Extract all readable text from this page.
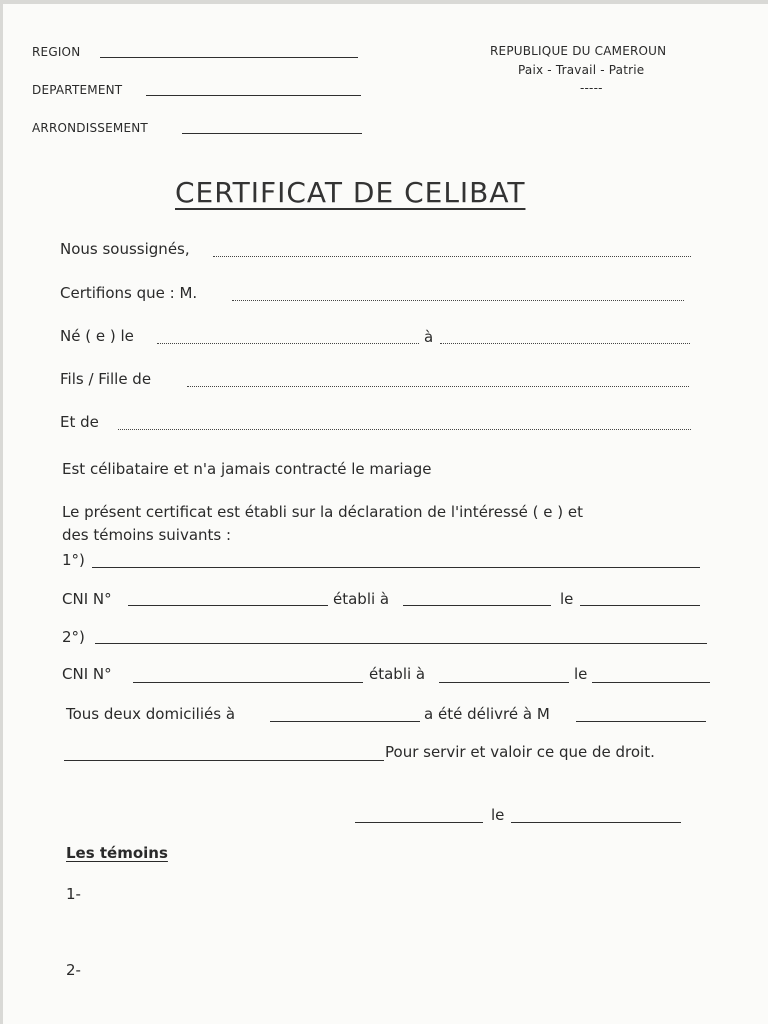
REGION
DEPARTEMENT
ARRONDISSEMENT
REPUBLIQUE DU CAMEROUN
Paix - Travail - Patrie
-----
CERTIFICAT DE CELIBAT
Nous soussignés,
Certifions que : M.
Né ( e ) le	à
Fils / Fille de
Et de
Est célibataire et n'a jamais contracté le mariage
Le présent certificat est établi sur la déclaration de l'intéressé ( e ) et
des témoins suivants :
1°)
CNI N°	établi à	le
2°)
CNI N°	établi à	le
Tous deux domiciliés à	a été délivré à M
Pour servir et valoir ce que de droit.
le
Les témoins
1-
2-
